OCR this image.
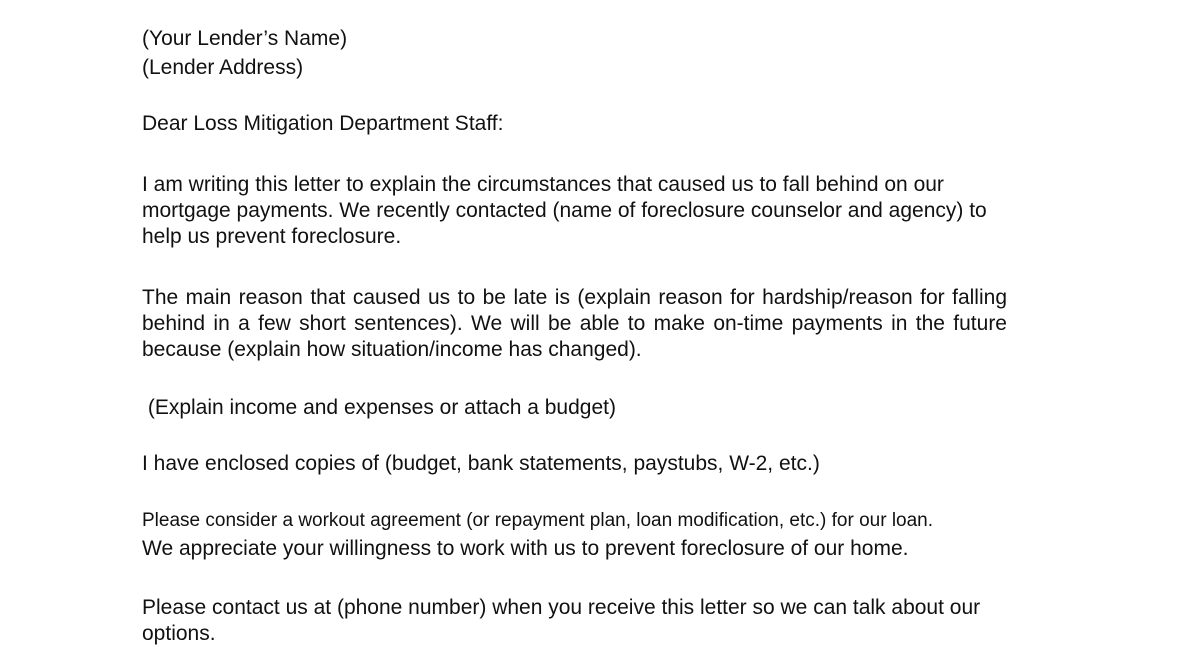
(Your Lender’s Name)
(Lender Address)
Dear Loss Mitigation Department Staff:

I am writing this letter to explain the circumstances that caused us to fall behind on our mortgage payments. We recently contacted (name of foreclosure counselor and agency) to help us prevent foreclosure.

The main reason that caused us to be late is (explain reason for hardship/reason for falling behind in a few short sentences). We will be able to make on-time payments in the future because (explain how situation/income has changed).

(Explain income and expenses or attach a budget)
I have enclosed copies of (budget, bank statements, paystubs, W-2, etc.)
Please consider a workout agreement (or repayment plan, loan modification, etc.) for our loan.
We appreciate your willingness to work with us to prevent foreclosure of our home.

Please contact us at (phone number) when you receive this letter so we can talk about our options.
